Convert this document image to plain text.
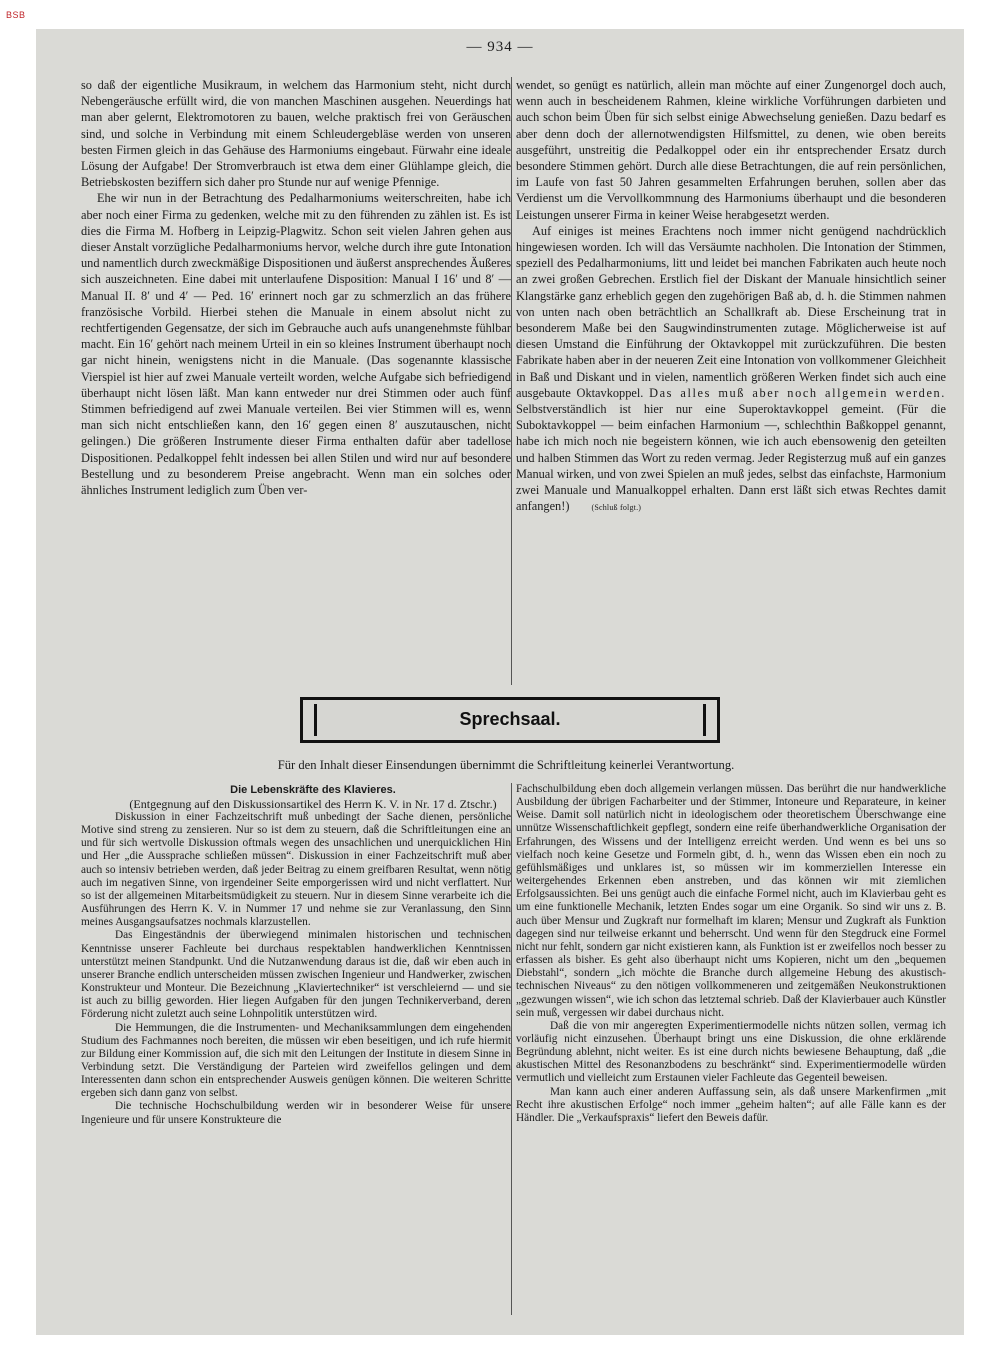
BSB
— 934 —

so daß der eigentliche Musikraum, in welchem das Harmonium steht, nicht durch Nebengeräusche erfüllt wird, die von manchen Maschinen ausgehen. Neuerdings hat man aber gelernt, Elektromotoren zu bauen, welche praktisch frei von Geräuschen sind, und solche in Verbindung mit einem Schleudergebläse werden von unseren besten Firmen gleich in das Gehäuse des Harmoniums eingebaut. Fürwahr eine ideale Lösung der Aufgabe! Der Stromverbrauch ist etwa dem einer Glühlampe gleich, die Betriebskosten beziffern sich daher pro Stunde nur auf wenige Pfennige.

Ehe wir nun in der Betrachtung des Pedalharmoniums weiterschreiten, habe ich aber noch einer Firma zu gedenken, welche mit zu den führenden zu zählen ist. Es ist dies die Firma M. Hofberg in Leipzig-Plagwitz. Schon seit vielen Jahren gehen aus dieser Anstalt vorzügliche Pedalharmoniums hervor, welche durch ihre gute Intonation und namentlich durch zweckmäßige Dispositionen und äußerst ansprechendes Äußeres sich auszeichneten. Eine dabei mit unterlaufene Disposition: Manual I 16′ und 8′ — Manual II. 8′ und 4′ — Ped. 16′ erinnert noch gar zu schmerzlich an das frühere französische Vorbild. Hierbei stehen die Manuale in einem absolut nicht zu rechtfertigenden Gegensatze, der sich im Gebrauche auch aufs unangenehmste fühlbar macht. Ein 16′ gehört nach meinem Urteil in ein so kleines Instrument überhaupt noch gar nicht hinein, wenigstens nicht in die Manuale. (Das sogenannte klassische Vierspiel ist hier auf zwei Manuale verteilt worden, welche Aufgabe sich befriedigend überhaupt nicht lösen läßt. Man kann entweder nur drei Stimmen oder auch fünf Stimmen befriedigend auf zwei Manuale verteilen. Bei vier Stimmen will es, wenn man sich nicht entschließen kann, den 16′ gegen einen 8′ auszutauschen, nicht gelingen.) Die größeren Instrumente dieser Firma enthalten dafür aber tadellose Dispositionen. Pedalkoppel fehlt indessen bei allen Stilen und wird nur auf besondere Bestellung und zu besonderem Preise angebracht. Wenn man ein solches oder ähnliches Instrument lediglich zum Üben ver-

wendet, so genügt es natürlich, allein man möchte auf einer Zungenorgel doch auch, wenn auch in bescheidenem Rahmen, kleine wirkliche Vorführungen darbieten und auch schon beim Üben für sich selbst einige Abwechselung genießen. Dazu bedarf es aber denn doch der allernotwendigsten Hilfsmittel, zu denen, wie oben bereits ausgeführt, unstreitig die Pedalkoppel oder ein ihr entsprechender Ersatz durch besondere Stimmen gehört. Durch alle diese Betrachtungen, die auf rein persönlichen, im Laufe von fast 50 Jahren gesammelten Erfahrungen beruhen, sollen aber das Verdienst um die Vervollkommnung des Harmoniums überhaupt und die besonderen Leistungen unserer Firma in keiner Weise herabgesetzt werden.

Auf einiges ist meines Erachtens noch immer nicht genügend nachdrücklich hingewiesen worden. Ich will das Versäumte nachholen. Die Intonation der Stimmen, speziell des Pedalharmoniums, litt und leidet bei manchen Fabrikaten auch heute noch an zwei großen Gebrechen. Erstlich fiel der Diskant der Manuale hinsichtlich seiner Klangstärke ganz erheblich gegen den zugehörigen Baß ab, d. h. die Stimmen nahmen von unten nach oben beträchtlich an Schallkraft ab. Diese Erscheinung trat in besonderem Maße bei den Saugwindinstrumenten zutage. Möglicherweise ist auf diesen Umstand die Einführung der Oktavkoppel mit zurückzuführen. Die besten Fabrikate haben aber in der neueren Zeit eine Intonation von vollkommener Gleichheit in Baß und Diskant und in vielen, namentlich größeren Werken findet sich auch eine ausgebaute Oktavkoppel. Das alles muß aber noch allgemein werden. Selbstverständlich ist hier nur eine Superoktavkoppel gemeint. (Für die Suboktavkoppel — beim einfachen Harmonium —, schlechthin Baßkoppel genannt, habe ich mich noch nie begeistern können, wie ich auch ebensowenig den geteilten und halben Stimmen das Wort zu reden vermag. Jeder Registerzug muß auf ein ganzes Manual wirken, und von zwei Spielen an muß jedes, selbst das einfachste, Harmonium zwei Manuale und Manualkoppel erhalten. Dann erst läßt sich etwas Rechtes damit anfangen!)	(Schluß folgt.)

Sprechsaal.
Für den Inhalt dieser Einsendungen übernimmt die Schriftleitung keinerlei Verantwortung.

Die Lebenskräfte des Klavieres.

(Entgegnung auf den Diskussionsartikel des Herrn K. V. in Nr. 17 d. Ztschr.)

Diskussion in einer Fachzeitschrift muß unbedingt der Sache dienen, persönliche Motive sind streng zu zensieren. Nur so ist dem zu steuern, daß die Schriftleitungen eine an und für sich wertvolle Diskussion oftmals wegen des unsachlichen und unerquicklichen Hin und Her „die Aussprache schließen müssen“. Diskussion in einer Fachzeitschrift muß aber auch so intensiv betrieben werden, daß jeder Beitrag zu einem greifbaren Resultat, wenn nötig auch im negativen Sinne, von irgendeiner Seite emporgerissen wird und nicht verflattert. Nur so ist der allgemeinen Mitarbeitsmüdigkeit zu steuern. Nur in diesem Sinne verarbeite ich die Ausführungen des Herrn K. V. in Nummer 17 und nehme sie zur Veranlassung, den Sinn meines Ausgangsaufsatzes nochmals klarzustellen.

Das Eingeständnis der überwiegend minimalen historischen und technischen Kenntnisse unserer Fachleute bei durchaus respektablen handwerklichen Kenntnissen unterstützt meinen Standpunkt. Und die Nutzanwendung daraus ist die, daß wir eben auch in unserer Branche endlich unterscheiden müssen zwischen Ingenieur und Handwerker, zwischen Konstrukteur und Monteur. Die Bezeichnung „Klaviertechniker“ ist verschleiernd — und sie ist auch zu billig geworden. Hier liegen Aufgaben für den jungen Technikerverband, deren Förderung nicht zuletzt auch seine Lohnpolitik unterstützen wird.

Die Hemmungen, die die Instrumenten- und Mechaniksammlungen dem eingehenden Studium des Fachmannes noch bereiten, die müssen wir eben beseitigen, und ich rufe hiermit zur Bildung einer Kommission auf, die sich mit den Leitungen der Institute in diesem Sinne in Verbindung setzt. Die Verständigung der Parteien wird zweifellos gelingen und dem Interessenten dann schon ein entsprechender Ausweis genügen können. Die weiteren Schritte ergeben sich dann ganz von selbst.

Die technische Hochschulbildung werden wir in besonderer Weise für unsere Ingenieure und für unsere Konstrukteure die

Fachschulbildung eben doch allgemein verlangen müssen. Das berührt die nur handwerkliche Ausbildung der übrigen Facharbeiter und der Stimmer, Intoneure und Reparateure, in keiner Weise. Damit soll natürlich nicht in ideologischem oder theoretischem Überschwange eine unnütze Wissenschaftlichkeit gepflegt, sondern eine reife überhandwerkliche Organisation der Erfahrungen, des Wissens und der Intelligenz erreicht werden. Und wenn es bei uns so vielfach noch keine Gesetze und Formeln gibt, d. h., wenn das Wissen eben ein noch zu gefühlsmäßiges und unklares ist, so müssen wir im kommerziellen Interesse ein weitergehendes Erkennen eben anstreben, und das können wir mit ziemlichen Erfolgsaussichten. Bei uns genügt auch die einfache Formel nicht, auch im Klavierbau geht es um eine funktionelle Mechanik, letzten Endes sogar um eine Organik. So sind wir uns z. B. auch über Mensur und Zugkraft nur formelhaft im klaren; Mensur und Zugkraft als Funktion dagegen sind nur teilweise erkannt und beherrscht. Und wenn für den Stegdruck eine Formel nicht nur fehlt, sondern gar nicht existieren kann, als Funktion ist er zweifellos noch besser zu erfassen als bisher. Es geht also überhaupt nicht ums Kopieren, nicht um den „bequemen Diebstahl“, sondern „ich möchte die Branche durch allgemeine Hebung des akustisch-technischen Niveaus“ zu den nötigen vollkommeneren und zeitgemäßen Neukonstruktionen „gezwungen wissen“, wie ich schon das letztemal schrieb. Daß der Klavierbauer auch Künstler sein muß, vergessen wir dabei durchaus nicht.

Daß die von mir angeregten Experimentiermodelle nichts nützen sollen, vermag ich vorläufig nicht einzusehen. Überhaupt bringt uns eine Diskussion, die ohne erklärende Begründung ablehnt, nicht weiter. Es ist eine durch nichts bewiesene Behauptung, daß „die akustischen Mittel des Resonanzbodens zu beschränkt“ sind. Experimentiermodelle würden vermutlich und vielleicht zum Erstaunen vieler Fachleute das Gegenteil beweisen.

Man kann auch einer anderen Auffassung sein, als daß unsere Markenfirmen „mit Recht ihre akustischen Erfolge“ noch immer „geheim halten“; auf alle Fälle kann es der Händler. Die „Verkaufspraxis“ liefert den Beweis dafür.
